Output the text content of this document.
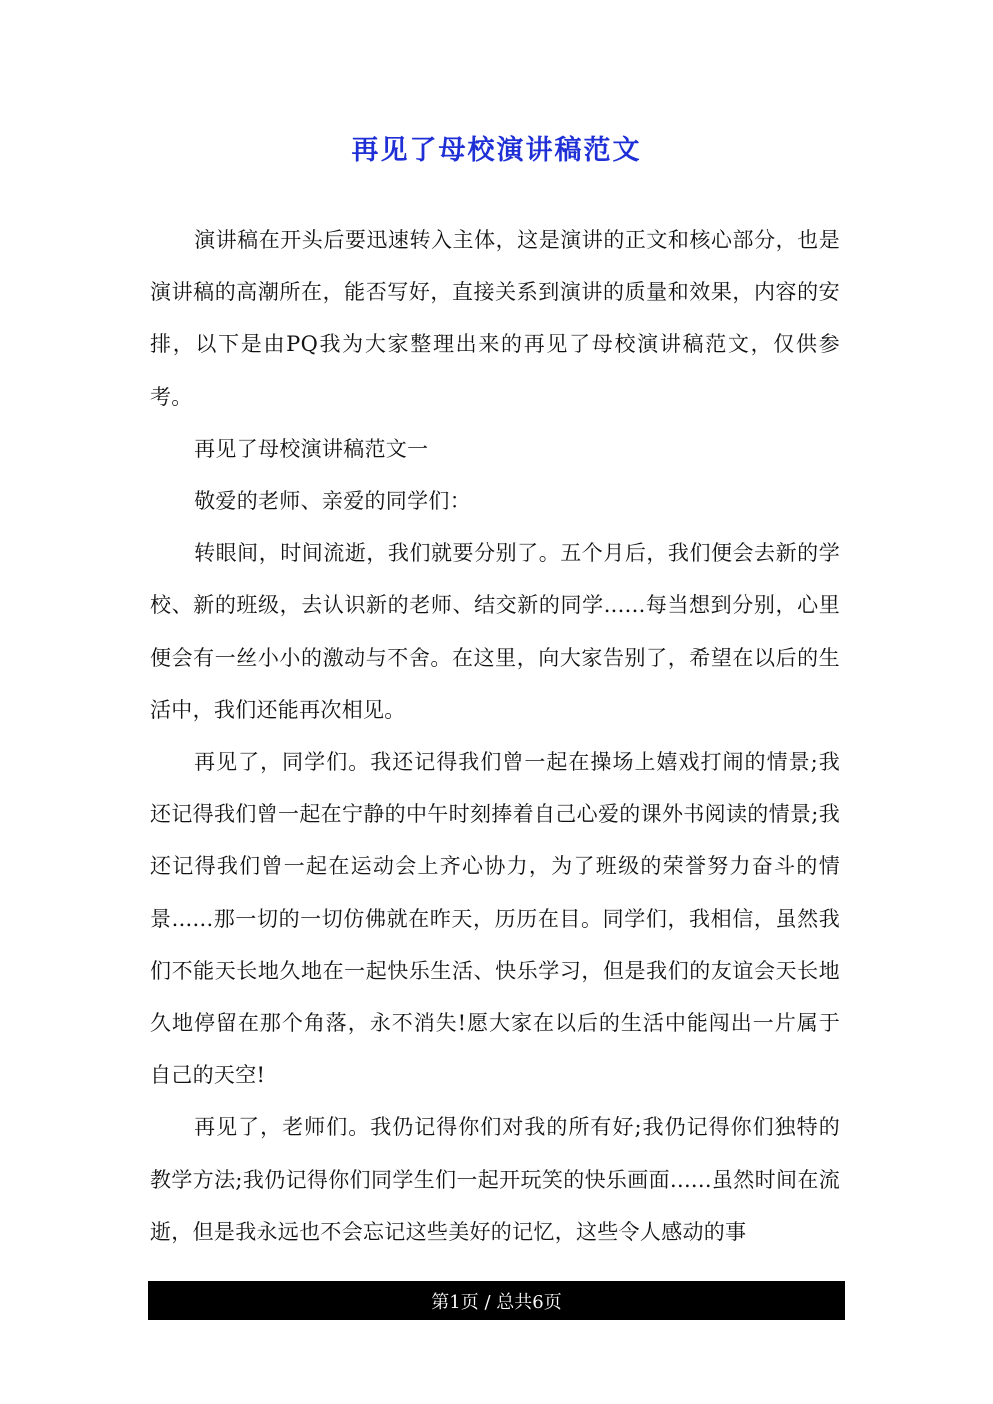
再见了母校演讲稿范文

演讲稿在开头后要迅速转入主体，这是演讲的正文和核心部分，也是演讲稿的高潮所在，能否写好，直接关系到演讲的质量和效果，内容的安排，以下是由PQ我为大家整理出来的再见了母校演讲稿范文，仅供参考。

再见了母校演讲稿范文一

敬爱的老师、亲爱的同学们：

转眼间，时间流逝，我们就要分别了。五个月后，我们便会去新的学校、新的班级，去认识新的老师、结交新的同学......每当想到分别，心里便会有一丝小小的激动与不舍。在这里，向大家告别了，希望在以后的生活中，我们还能再次相见。

再见了，同学们。我还记得我们曾一起在操场上嬉戏打闹的情景;我还记得我们曾一起在宁静的中午时刻捧着自己心爱的课外书阅读的情景;我还记得我们曾一起在运动会上齐心协力，为了班级的荣誉努力奋斗的情景......那一切的一切仿佛就在昨天，历历在目。同学们，我相信，虽然我们不能天长地久地在一起快乐生活、快乐学习，但是我们的友谊会天长地久地停留在那个角落，永不消失!愿大家在以后的生活中能闯出一片属于自己的天空!

再见了，老师们。我仍记得你们对我的所有好;我仍记得你们独特的教学方法;我仍记得你们同学生们一起开玩笑的快乐画面......虽然时间在流逝，但是我永远也不会忘记这些美好的记忆，这些令人感动的事

第1页 / 总共6页
